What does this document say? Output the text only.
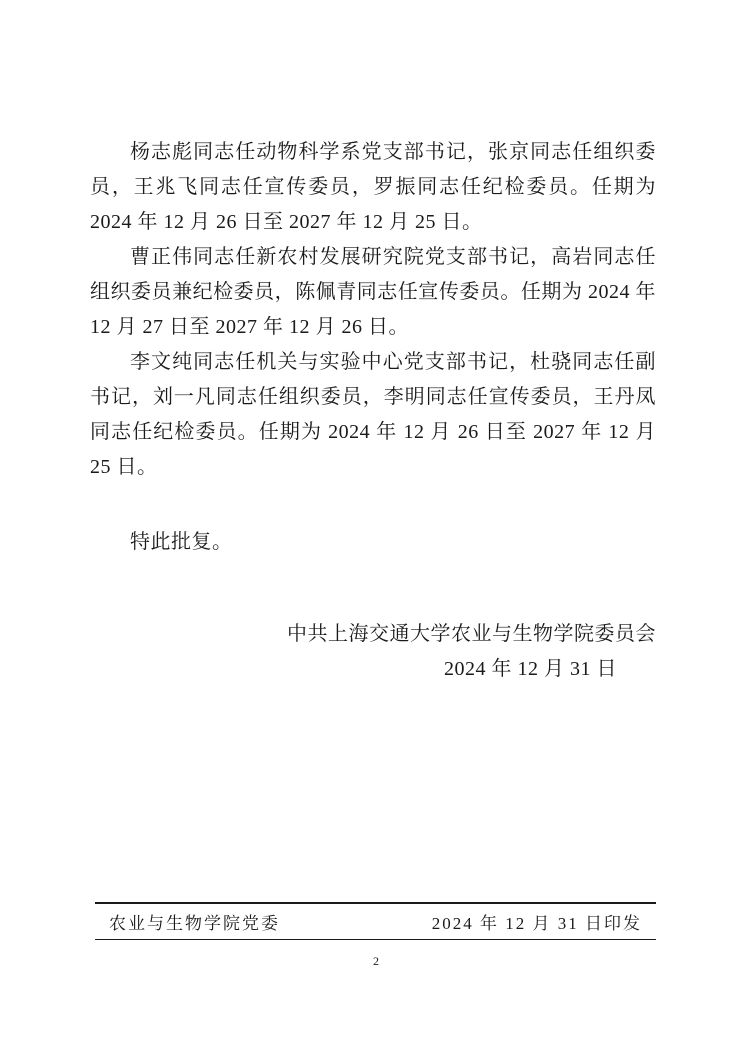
杨志彪同志任动物科学系党支部书记，张京同志任组织委员，王兆飞同志任宣传委员，罗振同志任纪检委员。任期为 2024 年 12 月 26 日至 2027 年 12 月 25 日。

曹正伟同志任新农村发展研究院党支部书记，高岩同志任组织委员兼纪检委员，陈佩青同志任宣传委员。任期为 2024 年 12 月 27 日至 2027 年 12 月 26 日。

李文纯同志任机关与实验中心党支部书记，杜骁同志任副书记，刘一凡同志任组织委员，李明同志任宣传委员，王丹凤同志任纪检委员。任期为 2024 年 12 月 26 日至 2027 年 12 月 25 日。

特此批复。

中共上海交通大学农业与生物学院委员会
2024 年 12 月 31 日
农业与生物学院党委	2024 年 12 月 31 日印发
2
